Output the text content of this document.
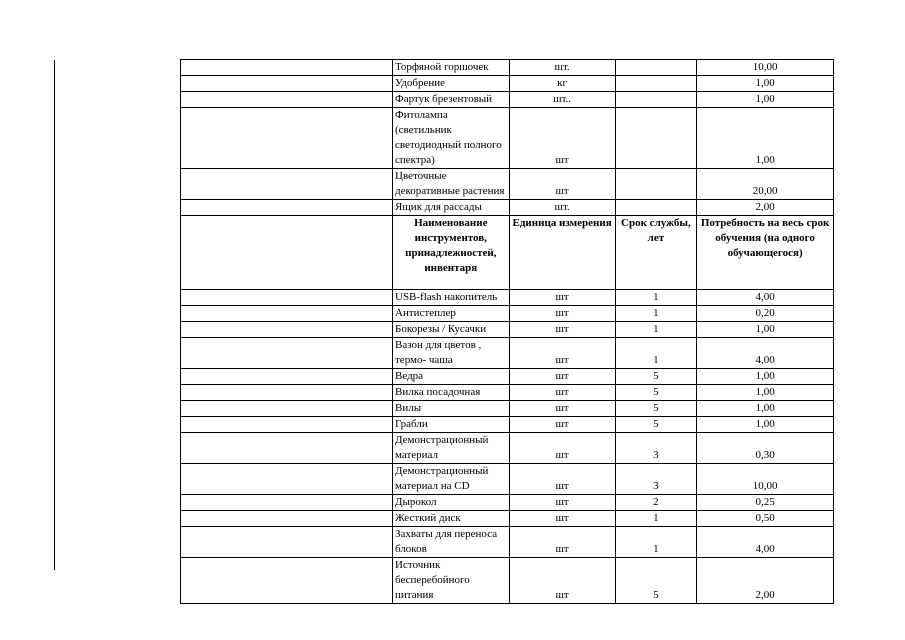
	Торфяной горшочек	шт.		10,00
	Удобрение	кг		1,00
	Фартук брезентовый	шт..		1,00
	Фитолампа (светильник светодиодный полного спектра)	шт		1,00
	Цветочные декоративные растения	шт		20,00
	Ящик для рассады	шт.		2,00
	Наименование инструментов, принадлежностей, инвентаря	Единица измерения	Срок службы, лет	Потребность на весь срок обучения (на одного обучающегося)
	USB-flash накопитель	шт	1	4,00
	Антистеплер	шт	1	0,20
	Бокорезы / Кусачки	шт	1	1,00
	Вазон для цветов , термо- чаша	шт	1	4,00
	Ведра	шт	5	1,00
	Вилка посадочная	шт	5	1,00
	Вилы	шт	5	1,00
	Грабли	шт	5	1,00
	Демонстрационный материал	шт	3	0,30
	Демонстрационный материал на CD	шт	3	10,00
	Дырокол	шт	2	0,25
	Жесткий диск	шт	1	0,50
	Захваты для переноса блоков	шт	1	4,00
	Источник бесперебойного питания	шт	5	2,00
